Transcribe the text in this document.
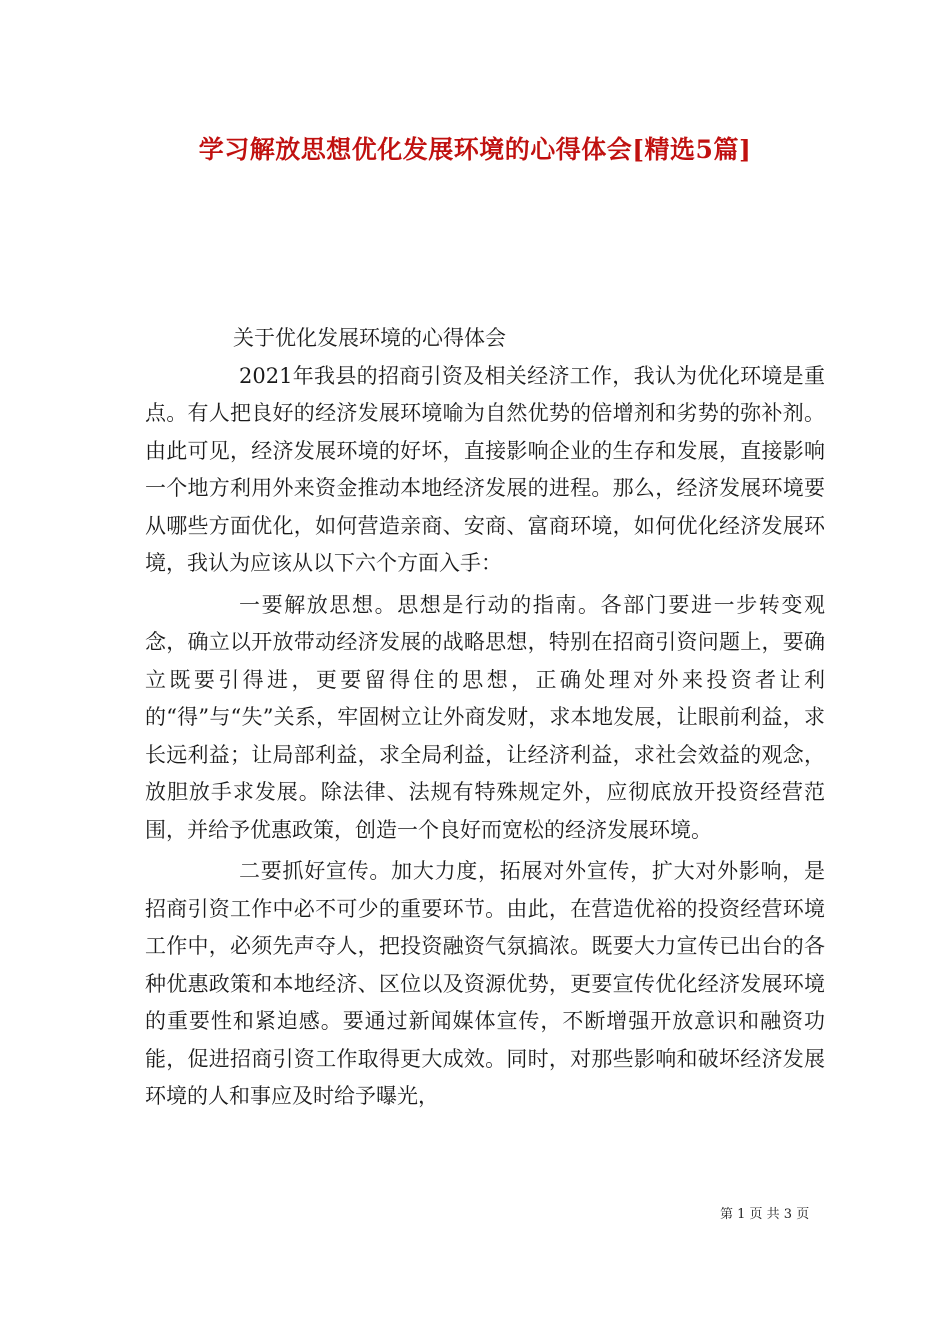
学习解放思想优化发展环境的心得体会[精选5篇]

关于优化发展环境的心得体会

2021年我县的招商引资及相关经济工作，我认为优化环境是重点。有人把良好的经济发展环境喻为自然优势的倍增剂和劣势的弥补剂。由此可见，经济发展环境的好坏，直接影响企业的生存和发展，直接影响一个地方利用外来资金推动本地经济发展的进程。那么，经济发展环境要从哪些方面优化，如何营造亲商、安商、富商环境，如何优化经济发展环境，我认为应该从以下六个方面入手：

一要解放思想。思想是行动的指南。各部门要进一步转变观念，确立以开放带动经济发展的战略思想，特别在招商引资问题上，要确立既要引得进，更要留得住的思想，正确处理对外来投资者让利的“得”与“失”关系，牢固树立让外商发财，求本地发展，让眼前利益，求长远利益；让局部利益，求全局利益，让经济利益，求社会效益的观念，放胆放手求发展。除法律、法规有特殊规定外，应彻底放开投资经营范围，并给予优惠政策，创造一个良好而宽松的经济发展环境。

二要抓好宣传。加大力度，拓展对外宣传，扩大对外影响，是招商引资工作中必不可少的重要环节。由此，在营造优裕的投资经营环境工作中，必须先声夺人，把投资融资气氛搞浓。既要大力宣传已出台的各种优惠政策和本地经济、区位以及资源优势，更要宣传优化经济发展环境的重要性和紧迫感。要通过新闻媒体宣传，不断增强开放意识和融资功能，促进招商引资工作取得更大成效。同时，对那些影响和破坏经济发展环境的人和事应及时给予曝光，

第 1 页 共 3 页
